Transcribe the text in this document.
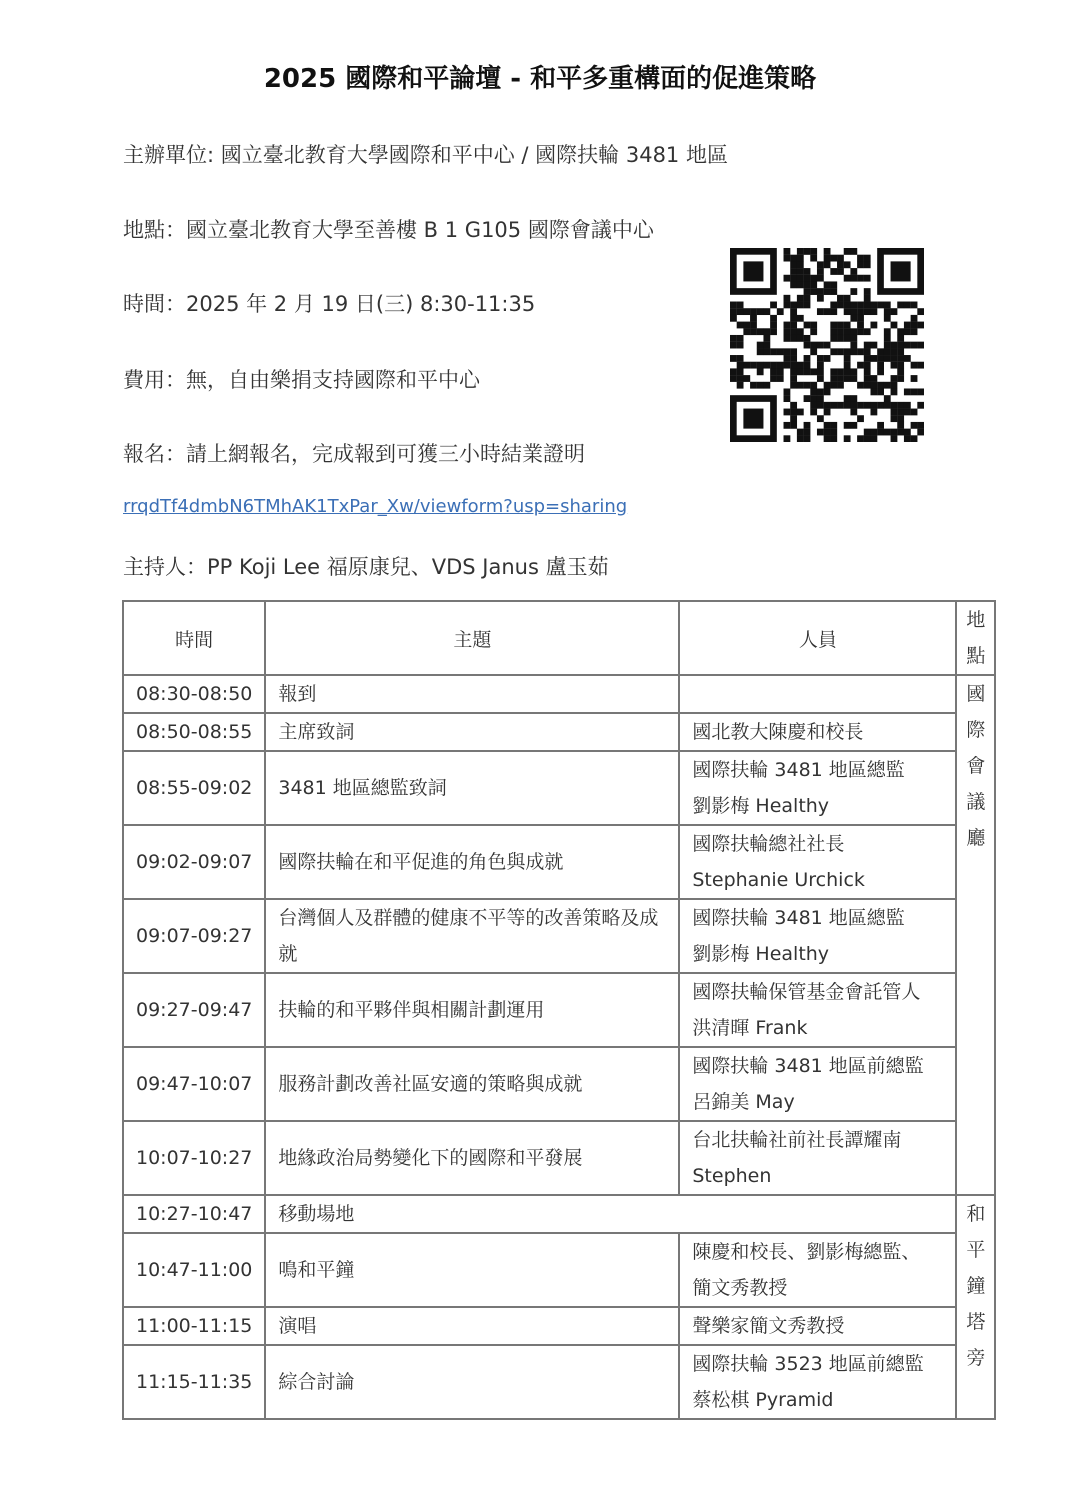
2025 國際和平論壇 - 和平多重構面的促進策略
主辦單位: 國立臺北教育大學國際和平中心 / 國際扶輪 3481 地區
地點：國立臺北教育大學至善樓 B 1 G105 國際會議中心
時間：2025 年 2 月 19 日(三) 8:30-11:35
費用：無，自由樂捐支持國際和平中心
報名：請上網報名，完成報到可獲三小時結業證明
rrqdTf4dmbN6TMhAK1TxPar_Xw/viewform?usp=sharing
主持人：PP Koji Lee 福原康兒、VDS Janus 盧玉茹
時間	主題	人員	地點
08:30-08:50	報到		國際會議廳
08:50-08:55	主席致詞	國北教大陳慶和校長	

08:55-09:02	3481 地區總監致詞	國際扶輪 3481 地區總監
劉影梅 Healthy	

09:02-09:07	國際扶輪在和平促進的角色與成就	國際扶輪總社社長
Stephanie Urchick	

09:07-09:27	台灣個人及群體的健康不平等的改善策略及成就	國際扶輪 3481 地區總監
劉影梅 Healthy	

09:27-09:47	扶輪的和平夥伴與相關計劃運用	國際扶輪保管基金會託管人
洪清暉 Frank	

09:47-10:07	服務計劃改善社區安適的策略與成就	國際扶輪 3481 地區前總監
呂錦美 May	

10:07-10:27	地緣政治局勢變化下的國際和平發展	台北扶輪社前社長譚耀南
Stephen	

10:27-10:47	移動場地		和平鐘塔旁
10:47-11:00	鳴和平鐘	陳慶和校長、劉影梅總監、
簡文秀教授	

11:00-11:15	演唱	聲樂家簡文秀教授	

11:15-11:35	綜合討論	國際扶輪 3523 地區前總監
蔡松棋 Pyramid	
